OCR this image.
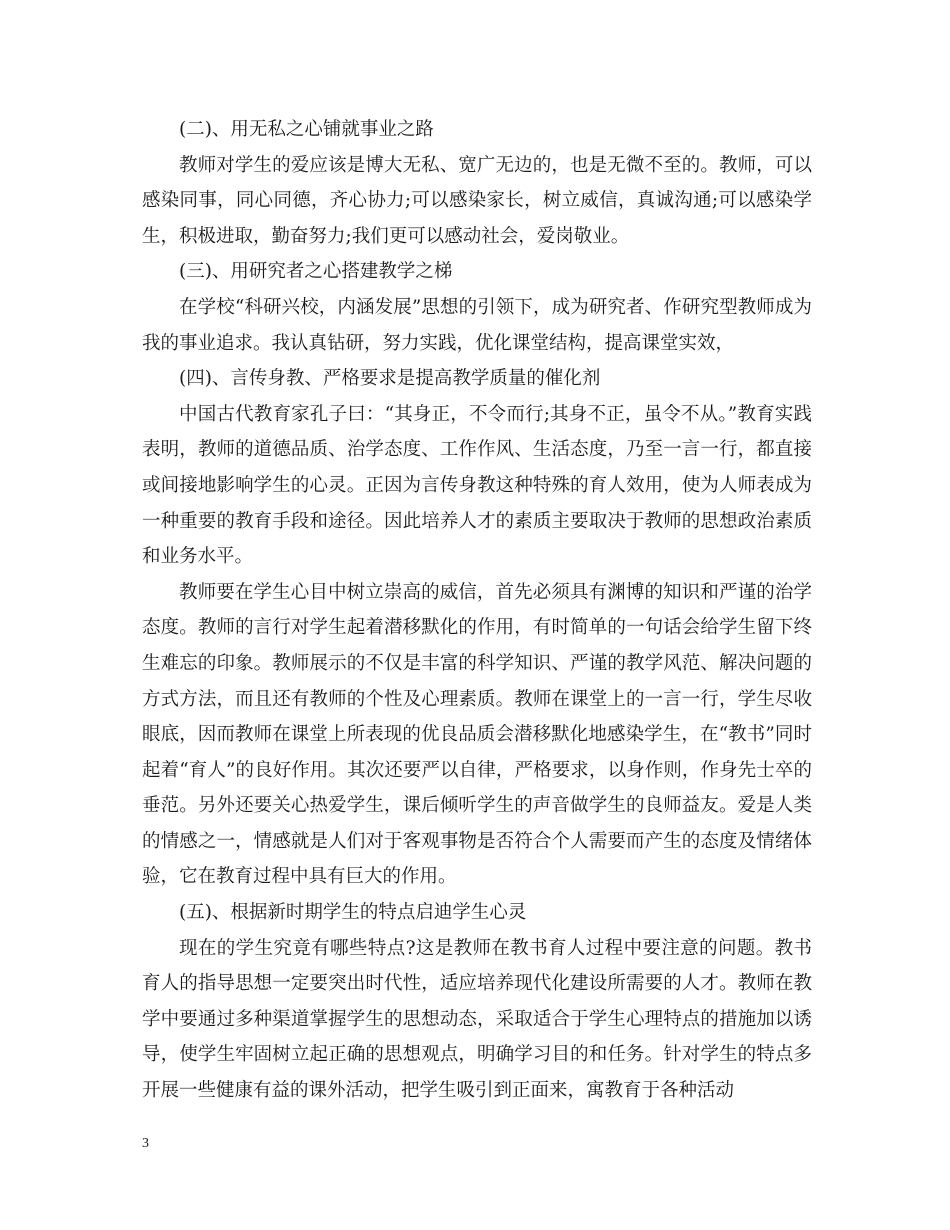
(二)、用无私之心铺就事业之路

教师对学生的爱应该是博大无私、宽广无边的，也是无微不至的。教师，可以感染同事，同心同德，齐心协力;可以感染家长，树立威信，真诚沟通;可以感染学生，积极进取，勤奋努力;我们更可以感动社会，爱岗敬业。

(三)、用研究者之心搭建教学之梯

在学校“科研兴校，内涵发展”思想的引领下，成为研究者、作研究型教师成为我的事业追求。我认真钻研，努力实践，优化课堂结构，提高课堂实效，

(四)、言传身教、严格要求是提高教学质量的催化剂

中国古代教育家孔子曰：“其身正，不令而行;其身不正，虽令不从。”教育实践表明，教师的道德品质、治学态度、工作作风、生活态度，乃至一言一行，都直接或间接地影响学生的心灵。正因为言传身教这种特殊的育人效用，使为人师表成为一种重要的教育手段和途径。因此培养人才的素质主要取决于教师的思想政治素质和业务水平。

教师要在学生心目中树立崇高的威信，首先必须具有渊博的知识和严谨的治学态度。教师的言行对学生起着潜移默化的作用，有时简单的一句话会给学生留下终生难忘的印象。教师展示的不仅是丰富的科学知识、严谨的教学风范、解决问题的方式方法，而且还有教师的个性及心理素质。教师在课堂上的一言一行，学生尽收眼底，因而教师在课堂上所表现的优良品质会潜移默化地感染学生，在“教书”同时起着“育人”的良好作用。其次还要严以自律，严格要求，以身作则，作身先士卒的垂范。另外还要关心热爱学生，课后倾听学生的声音做学生的良师益友。爱是人类的情感之一，情感就是人们对于客观事物是否符合个人需要而产生的态度及情绪体验，它在教育过程中具有巨大的作用。

(五)、根据新时期学生的特点启迪学生心灵

现在的学生究竟有哪些特点?这是教师在教书育人过程中要注意的问题。教书育人的指导思想一定要突出时代性，适应培养现代化建设所需要的人才。教师在教学中要通过多种渠道掌握学生的思想动态，采取适合于学生心理特点的措施加以诱导，使学生牢固树立起正确的思想观点，明确学习目的和任务。针对学生的特点多开展一些健康有益的课外活动，把学生吸引到正面来，寓教育于各种活动

3
